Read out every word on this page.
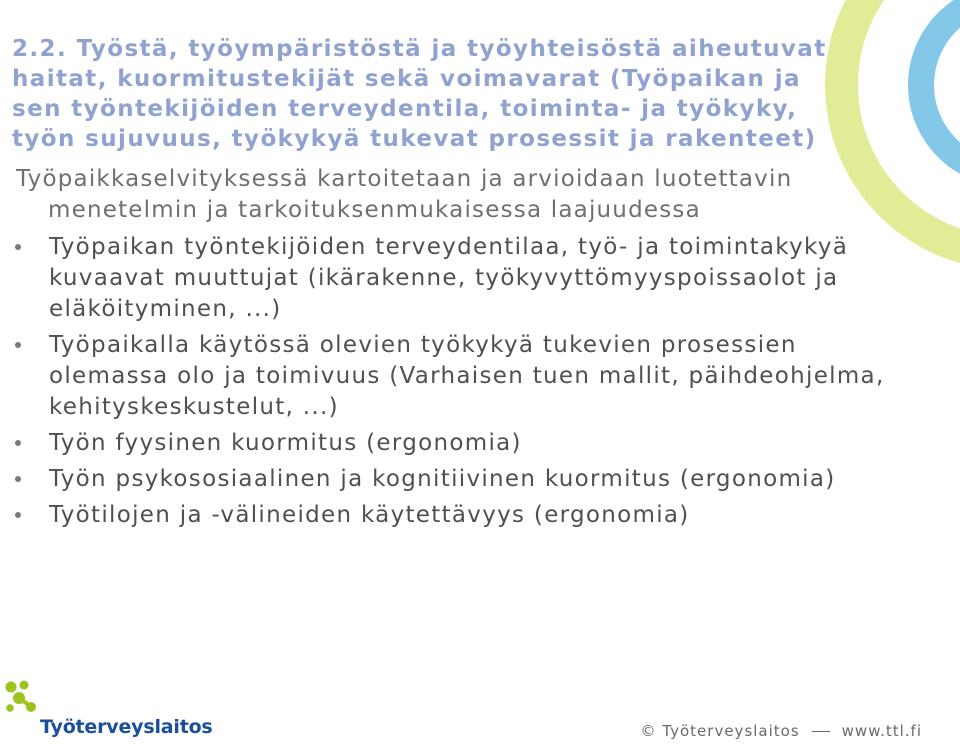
2.2. Työstä, työympäristöstä ja työyhteisöstä aiheutuvat haitat, kuormitustekijät sekä voimavarat (Työpaikan ja sen työntekijöiden terveydentila, toiminta- ja työkyky, työn sujuvuus, työkykyä tukevat prosessit ja rakenteet)

Työpaikkaselvityksessä kartoitetaan ja arvioidaan luotettavin
menetelmin ja tarkoituksenmukaisessa laajuudessa

Työpaikan työntekijöiden terveydentilaa, työ- ja toimintakykyä kuvaavat muuttujat (ikärakenne, työkyvyttömyyspoissaolot ja eläköityminen, ...)
Työpaikalla käytössä olevien työkykyä tukevien prosessien olemassa olo ja toimivuus (Varhaisen tuen mallit, päihdeohjelma, kehityskeskustelut, ...)
Työn fyysinen kuormitus (ergonomia)
Työn psykososiaalinen ja kognitiivinen kuormitus (ergonomia)
Työtilojen ja -välineiden käytettävyys (ergonomia)
Työterveyslaitos	© Työterveyslaitos	www.ttl.fi
